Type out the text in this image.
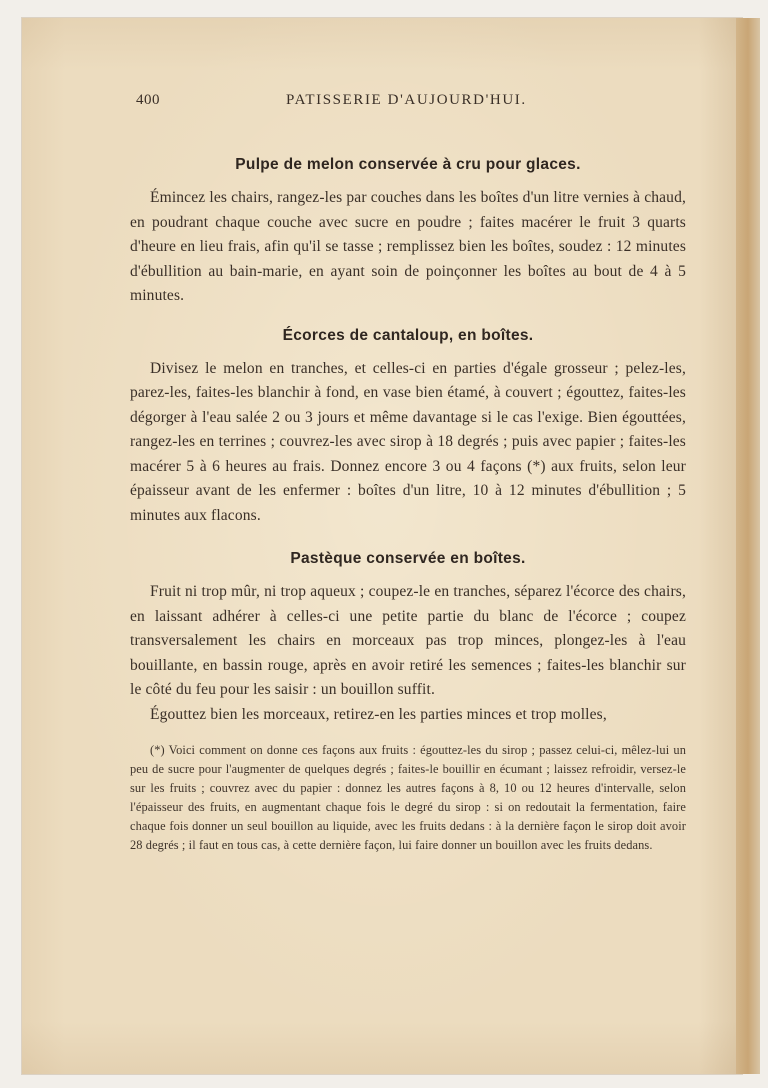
400	PATISSERIE D'AUJOURD'HUI.
Pulpe de melon conservée à cru pour glaces.

Émincez les chairs, rangez-les par couches dans les boîtes d'un litre vernies à chaud, en poudrant chaque couche avec sucre en poudre ; faites macérer le fruit 3 quarts d'heure en lieu frais, afin qu'il se tasse ; remplissez bien les boîtes, soudez : 12 minutes d'ébullition au bain-marie, en ayant soin de poinçonner les boîtes au bout de 4 à 5 minutes.

Écorces de cantaloup, en boîtes.

Divisez le melon en tranches, et celles-ci en parties d'égale grosseur ; pelez-les, parez-les, faites-les blanchir à fond, en vase bien étamé, à couvert ; égouttez, faites-les dégorger à l'eau salée 2 ou 3 jours et même davantage si le cas l'exige. Bien égouttées, rangez-les en terrines ; couvrez-les avec sirop à 18 degrés ; puis avec papier ; faites-les macérer 5 à 6 heures au frais. Donnez encore 3 ou 4 façons (*) aux fruits, selon leur épaisseur avant de les enfermer : boîtes d'un litre, 10 à 12 minutes d'ébullition ; 5 minutes aux flacons.

Pastèque conservée en boîtes.

Fruit ni trop mûr, ni trop aqueux ; coupez-le en tranches, séparez l'écorce des chairs, en laissant adhérer à celles-ci une petite partie du blanc de l'écorce ; coupez transversalement les chairs en morceaux pas trop minces, plongez-les à l'eau bouillante, en bassin rouge, après en avoir retiré les semences ; faites-les blanchir sur le côté du feu pour les saisir : un bouillon suffit.

Égouttez bien les morceaux, retirez-en les parties minces et trop molles,

(*) Voici comment on donne ces façons aux fruits : égouttez-les du sirop ; passez celui-ci, mêlez-lui un peu de sucre pour l'augmenter de quelques degrés ; faites-le bouillir en écumant ; laissez refroidir, versez-le sur les fruits ; couvrez avec du papier : donnez les autres façons à 8, 10 ou 12 heures d'intervalle, selon l'épaisseur des fruits, en augmentant chaque fois le degré du sirop : si on redoutait la fermentation, faire chaque fois donner un seul bouillon au liquide, avec les fruits dedans : à la dernière façon le sirop doit avoir 28 degrés ; il faut en tous cas, à cette dernière façon, lui faire donner un bouillon avec les fruits dedans.
